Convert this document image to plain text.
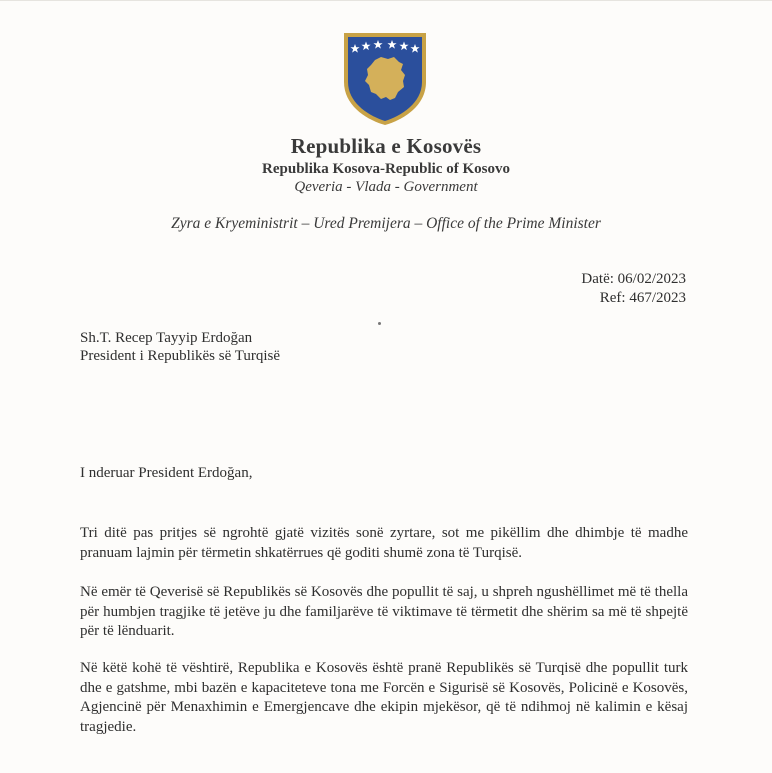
Republika e Kosovës
Republika Kosova-Republic of Kosovo
Qeveria - Vlada - Government
Zyra e Kryeministrit – Ured Premijera – Office of the Prime Minister
Datë: 06/02/2023
Ref: 467/2023
Sh.T. Recep Tayyip Erdoğan
President i Republikës së Turqisë
I nderuar President Erdoğan,

Tri ditë pas pritjes së ngrohtë gjatë vizitës sonë zyrtare, sot me pikëllim dhe dhimbje të madhe pranuam lajmin për tërmetin shkatërrues që goditi shumë zona të Turqisë.

Në emër të Qeverisë së Republikës së Kosovës dhe popullit të saj, u shpreh ngushëllimet më të thella për humbjen tragjike të jetëve ju dhe familjarëve të viktimave të tërmetit dhe shërim sa më të shpejtë për të lënduarit.

Në këtë kohë të vështirë, Republika e Kosovës është pranë Republikës së Turqisë dhe popullit turk dhe e gatshme, mbi bazën e kapaciteteve tona me Forcën e Sigurisë së Kosovës, Policinë e Kosovës, Agjencinë për Menaxhimin e Emergjencave dhe ekipin mjekësor, që të ndihmoj në kalimin e kësaj tragjedie.
